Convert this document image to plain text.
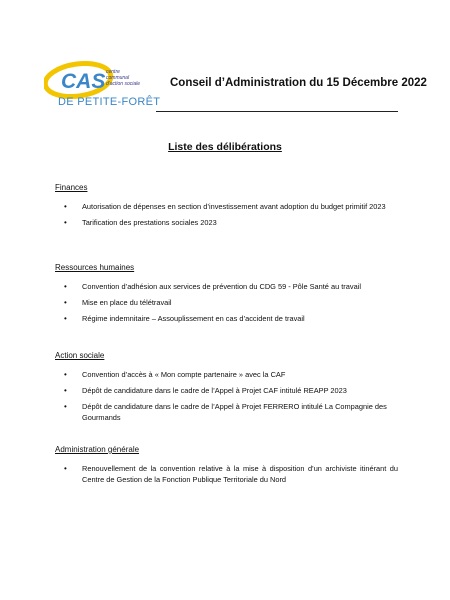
CAS centre
communal
d'action sociale
DE PETITE-FORÊT
Conseil d’Administration du 15 Décembre 2022
Liste des délibérations
Finances
• Autorisation de dépenses en section d’investissement avant adoption du budget primitif 2023
• Tarification des prestations sociales 2023
Ressources humaines
• Convention d’adhésion aux services de prévention du CDG 59 - Pôle Santé au travail
• Mise en place du télétravail
• Régime indemnitaire – Assouplissement en cas d’accident de travail
Action sociale
• Convention d’accès à « Mon compte partenaire » avec la CAF
• Dépôt de candidature dans le cadre de l’Appel à Projet CAF intitulé REAPP 2023
• Dépôt de candidature dans le cadre de l’Appel à Projet FERRERO intitulé La Compagnie des Gourmands
Administration générale
• Renouvellement de la convention relative à la mise à disposition d’un archiviste itinérant du Centre de Gestion de la Fonction Publique Territoriale du Nord
